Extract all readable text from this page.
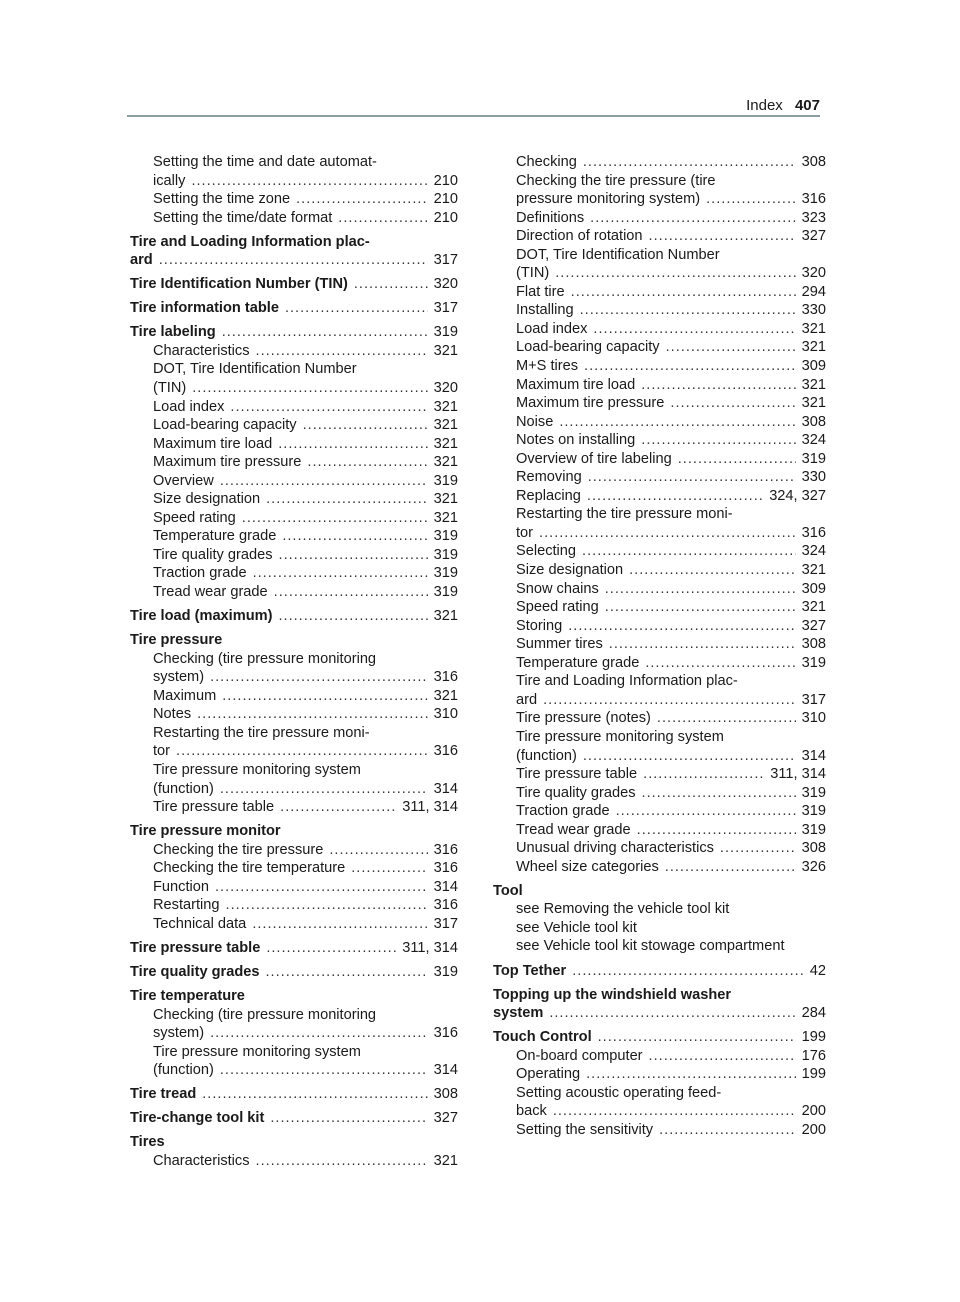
Index 407
Setting the time and date automat-
ically .....	210
Setting the time zone .....	210
Setting the time/date format .....	210
Tire and Loading Information plac-
ard .....	317
Tire Identification Number (TIN) .....	320
Tire information table .....	317
Tire labeling .....	319
Characteristics .....	321
DOT, Tire Identification Number
(TIN) .....	320
Load index .....	321
Load-bearing capacity .....	321
Maximum tire load .....	321
Maximum tire pressure .....	321
Overview .....	319
Size designation .....	321
Speed rating .....	321
Temperature grade .....	319
Tire quality grades .....	319
Traction grade .....	319
Tread wear grade .....	319
Tire load (maximum) .....	321
Tire pressure
Checking (tire pressure monitoring
system) .....	316
Maximum .....	321
Notes .....	310
Restarting the tire pressure moni-
tor .....	316
Tire pressure monitoring system
(function) .....	314
Tire pressure table .....	311, 314
Tire pressure monitor
Checking the tire pressure .....	316
Checking the tire temperature .....	316
Function .....	314
Restarting .....	316
Technical data .....	317
Tire pressure table .....	311, 314
Tire quality grades .....	319
Tire temperature
Checking (tire pressure monitoring
system) .....	316
Tire pressure monitoring system
(function) .....	314
Tire tread .....	308
Tire-change tool kit .....	327
Tires
Characteristics .....	321
Checking .....	308
Checking the tire pressure (tire
pressure monitoring system) .....	316
Definitions .....	323
Direction of rotation .....	327
DOT, Tire Identification Number
(TIN) .....	320
Flat tire .....	294
Installing .....	330
Load index .....	321
Load-bearing capacity .....	321
M+S tires .....	309
Maximum tire load .....	321
Maximum tire pressure .....	321
Noise .....	308
Notes on installing .....	324
Overview of tire labeling .....	319
Removing .....	330
Replacing .....	324, 327
Restarting the tire pressure moni-
tor .....	316
Selecting .....	324
Size designation .....	321
Snow chains .....	309
Speed rating .....	321
Storing .....	327
Summer tires .....	308
Temperature grade .....	319
Tire and Loading Information plac-
ard .....	317
Tire pressure (notes) .....	310
Tire pressure monitoring system
(function) .....	314
Tire pressure table .....	311, 314
Tire quality grades .....	319
Traction grade .....	319
Tread wear grade .....	319
Unusual driving characteristics .....	308
Wheel size categories .....	326
Tool
see Removing the vehicle tool kit
see Vehicle tool kit
see Vehicle tool kit stowage compartment
Top Tether .....	42
Topping up the windshield washer
system .....	284
Touch Control .....	199
On-board computer .....	176
Operating .....	199
Setting acoustic operating feed-
back .....	200
Setting the sensitivity .....	200
